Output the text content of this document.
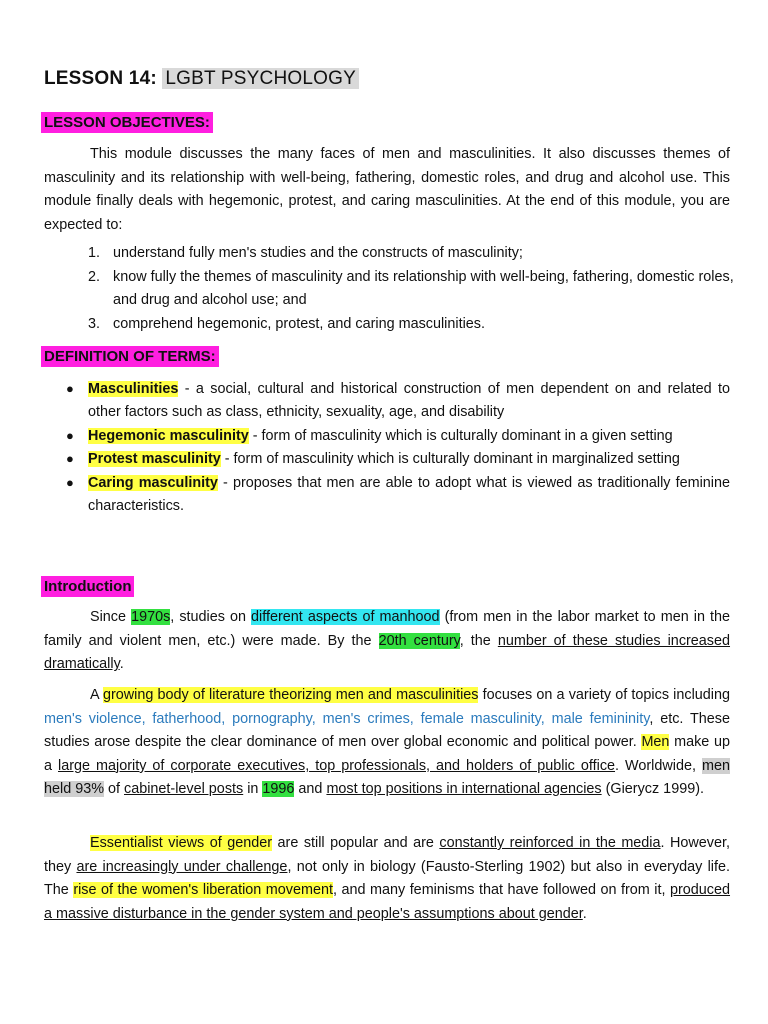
LESSON 14: LGBT PSYCHOLOGY
LESSON OBJECTIVES:
This module discusses the many faces of men and masculinities. It also discusses themes of masculinity and its relationship with well-being, fathering, domestic roles, and drug and alcohol use. This module finally deals with hegemonic, protest, and caring masculinities. At the end of this module, you are expected to:
1. understand fully men's studies and the constructs of masculinity;
2. know fully the themes of masculinity and its relationship with well-being, fathering, domestic roles, and drug and alcohol use; and
3. comprehend hegemonic, protest, and caring masculinities.
DEFINITION OF TERMS:
● Masculinities - a social, cultural and historical construction of men dependent on and related to other factors such as class, ethnicity, sexuality, age, and disability
● Hegemonic masculinity - form of masculinity which is culturally dominant in a given setting
● Protest masculinity - form of masculinity which is culturally dominant in marginalized setting
● Caring masculinity - proposes that men are able to adopt what is viewed as traditionally feminine characteristics.
Introduction
Since 1970s, studies on different aspects of manhood (from men in the labor market to men in the family and violent men, etc.) were made. By the 20th century, the number of these studies increased dramatically.
A growing body of literature theorizing men and masculinities focuses on a variety of topics including men's violence, fatherhood, pornography, men's crimes, female masculinity, male femininity, etc. These studies arose despite the clear dominance of men over global economic and political power. Men make up a large majority of corporate executives, top professionals, and holders of public office. Worldwide, men held 93% of cabinet-level posts in 1996 and most top positions in international agencies (Gierycz 1999).
Essentialist views of gender are still popular and are constantly reinforced in the media. However, they are increasingly under challenge, not only in biology (Fausto-Sterling 1902) but also in everyday life. The rise of the women's liberation movement, and many feminisms that have followed on from it, produced a massive disturbance in the gender system and people's assumptions about gender.
